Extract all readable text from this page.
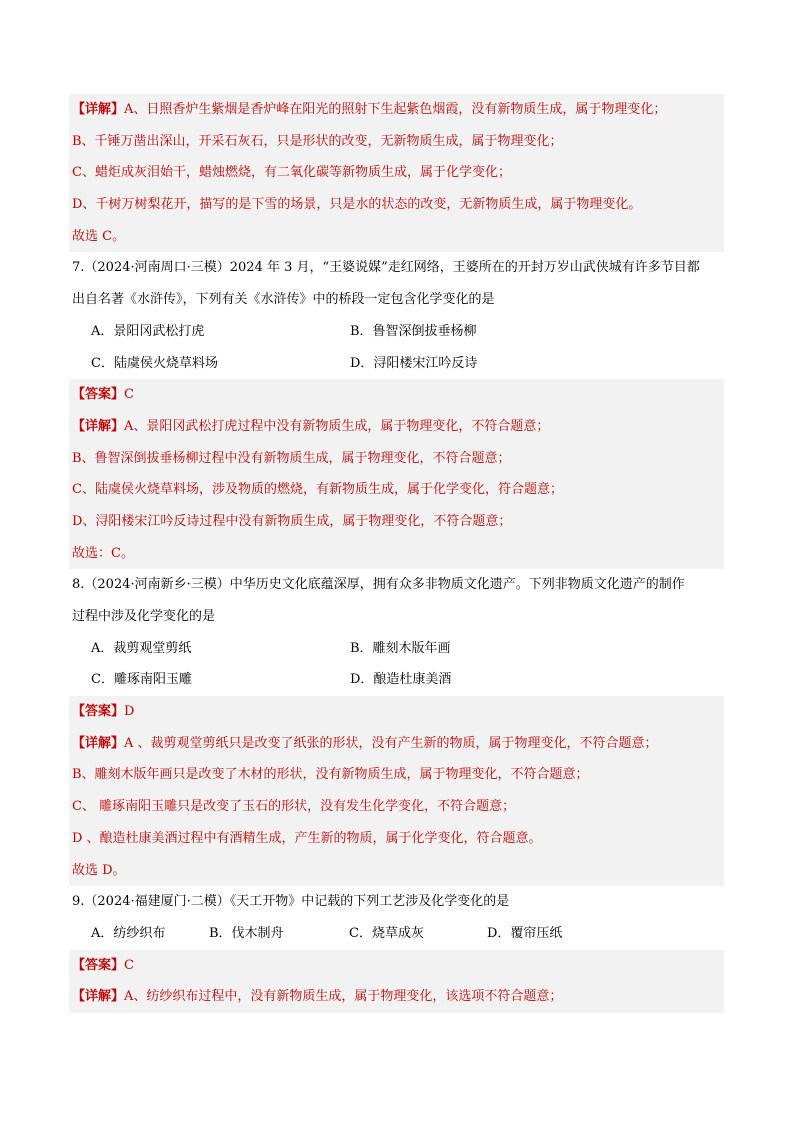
【详解】A、日照香炉生紫烟是香炉峰在阳光的照射下生起紫色烟霞，没有新物质生成，属于物理变化；
B、千锤万凿出深山，开采石灰石，只是形状的改变，无新物质生成，属于物理变化；
C、蜡炬成灰泪始干，蜡烛燃烧，有二氧化碳等新物质生成，属于化学变化；
D、千树万树梨花开，描写的是下雪的场景，只是水的状态的改变，无新物质生成，属于物理变化。
故选 C。
7.（2024·河南周口·三模）2024 年 3 月，“王婆说媒”走红网络，王婆所在的开封万岁山武侠城有许多节目都
出自名著《水浒传》，下列有关《水浒传》中的桥段一定包含化学变化的是
A．景阳冈武松打虎	B．鲁智深倒拔垂杨柳
C．陆虞侯火烧草料场	D．浔阳楼宋江吟反诗
【答案】C
【详解】A、景阳冈武松打虎过程中没有新物质生成，属于物理变化，不符合题意；
B、鲁智深倒拔垂杨柳过程中没有新物质生成，属于物理变化，不符合题意；
C、陆虞侯火烧草料场，涉及物质的燃烧，有新物质生成，属于化学变化，符合题意；
D、浔阳楼宋江吟反诗过程中没有新物质生成，属于物理变化，不符合题意；
故选：C。
8.（2024·河南新乡·三模）中华历史文化底蕴深厚，拥有众多非物质文化遗产。下列非物质文化遗产的制作
过程中涉及化学变化的是
A．裁剪观堂剪纸	B．雕刻木版年画
C．雕琢南阳玉雕	D．酿造杜康美酒
【答案】D
【详解】A 、裁剪观堂剪纸只是改变了纸张的形状，没有产生新的物质，属于物理变化，不符合题意；
B、雕刻木版年画只是改变了木材的形状，没有新物质生成，属于物理变化，不符合题意；
C、 雕琢南阳玉雕只是改变了玉石的形状，没有发生化学变化，不符合题意；
D 、酿造杜康美酒过程中有酒精生成，产生新的物质，属于化学变化，符合题意。
故选 D。
9.（2024·福建厦门·二模）《天工开物》中记载的下列工艺涉及化学变化的是
A．纺纱织布	B．伐木制舟	C．烧草成灰	D．覆帘压纸
【答案】C
【详解】A、纺纱织布过程中，没有新物质生成，属于物理变化，该选项不符合题意；
